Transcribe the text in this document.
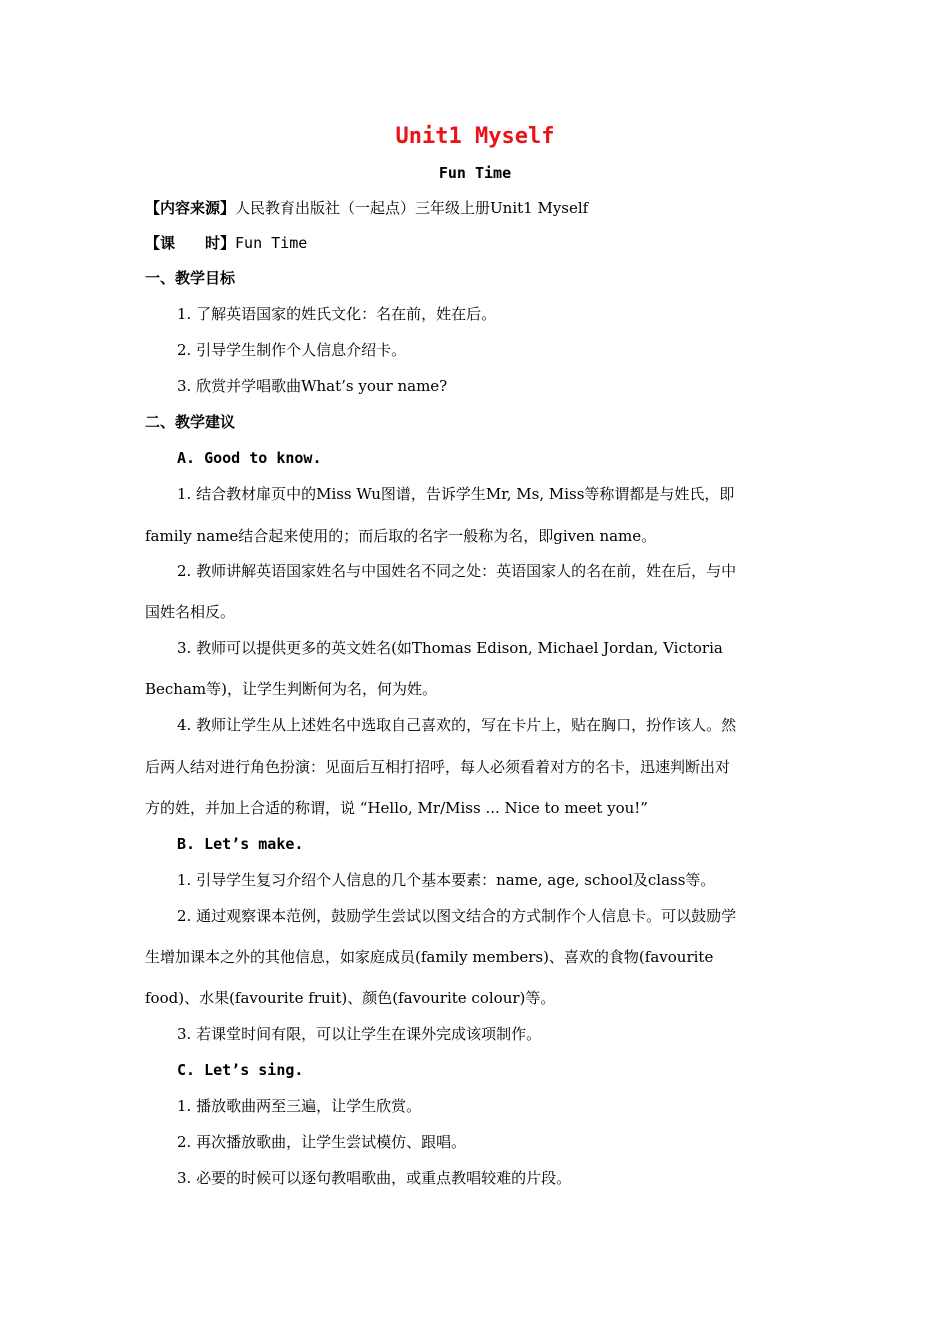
Unit1 Myself
Fun Time
【内容来源】人民教育出版社（一起点）三年级上册Unit1 Myself
【课　　时】Fun Time
一、教学目标
1. 了解英语国家的姓氏文化：名在前，姓在后。
2. 引导学生制作个人信息介绍卡。
3. 欣赏并学唱歌曲What’s your name?
二、教学建议
A. Good to know.
1. 结合教材扉页中的Miss Wu图谱，告诉学生Mr, Ms, Miss等称谓都是与姓氏，即
family name结合起来使用的；而后取的名字一般称为名，即given name。
2. 教师讲解英语国家姓名与中国姓名不同之处：英语国家人的名在前，姓在后，与中
国姓名相反。
3. 教师可以提供更多的英文姓名(如Thomas Edison, Michael Jordan, Victoria
Becham等)，让学生判断何为名，何为姓。
4. 教师让学生从上述姓名中选取自己喜欢的，写在卡片上，贴在胸口，扮作该人。然
后两人结对进行角色扮演：见面后互相打招呼，每人必须看着对方的名卡，迅速判断出对
方的姓，并加上合适的称谓，说 “Hello, Mr/Miss ... Nice to meet you!”
B. Let’s make.
1. 引导学生复习介绍个人信息的几个基本要素：name, age, school及class等。
2. 通过观察课本范例，鼓励学生尝试以图文结合的方式制作个人信息卡。可以鼓励学
生增加课本之外的其他信息，如家庭成员(family members)、喜欢的食物(favourite
food)、水果(favourite fruit)、颜色(favourite colour)等。
3. 若课堂时间有限，可以让学生在课外完成该项制作。
C. Let’s sing.
1. 播放歌曲两至三遍，让学生欣赏。
2. 再次播放歌曲，让学生尝试模仿、跟唱。
3. 必要的时候可以逐句教唱歌曲，或重点教唱较难的片段。
